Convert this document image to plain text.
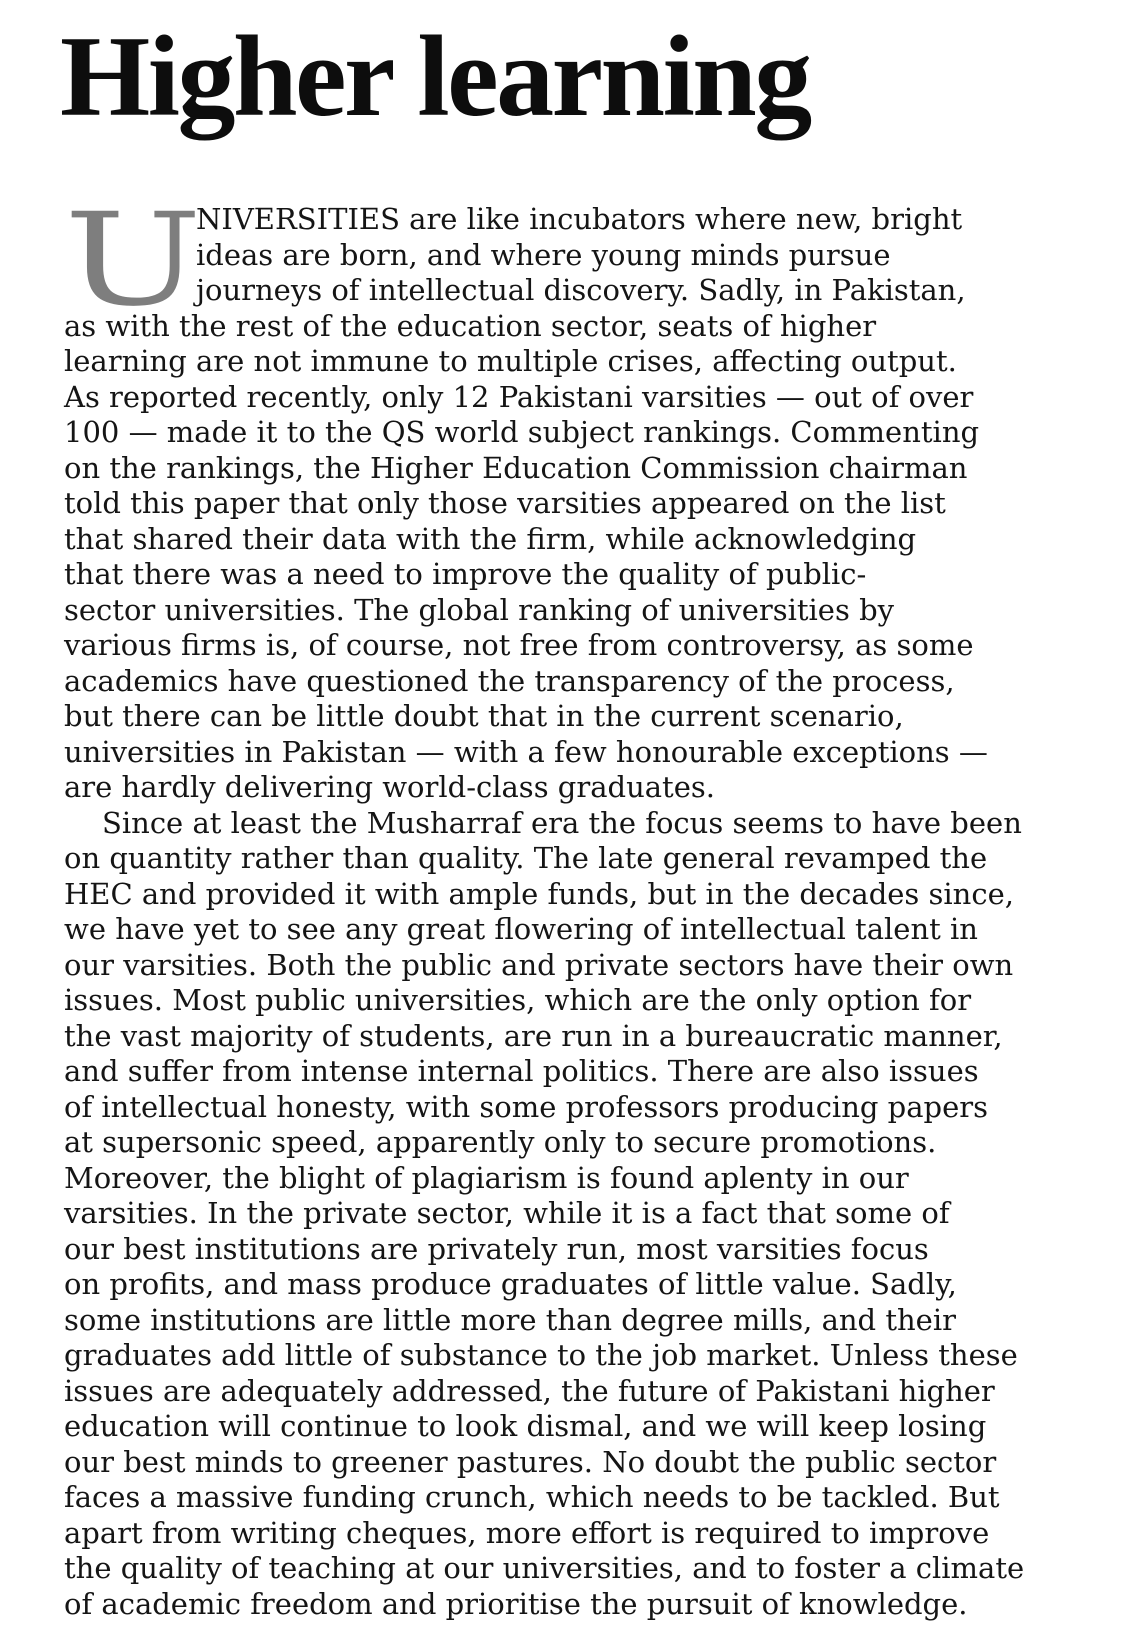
Higher learning
U
NIVERSITIES are like incubators where new, bright
ideas are born, and where young minds pursue
journeys of intellectual discovery. Sadly, in Pakistan,
as with the rest of the education sector, seats of higher
learning are not immune to multiple crises, affecting output.
As reported recently, only 12 Pakistani varsities — out of over
100 — made it to the QS world subject rankings. Commenting
on the rankings, the Higher Education Commission chairman
told this paper that only those varsities appeared on the list
that shared their data with the firm, while acknowledging
that there was a need to improve the quality of public-
sector universities. The global ranking of universities by
various firms is, of course, not free from controversy, as some
academics have questioned the transparency of the process,
but there can be little doubt that in the current scenario,
universities in Pakistan — with a few honourable exceptions —
are hardly delivering world-class graduates.
Since at least the Musharraf era the focus seems to have been
on quantity rather than quality. The late general revamped the
HEC and provided it with ample funds, but in the decades since,
we have yet to see any great flowering of intellectual talent in
our varsities. Both the public and private sectors have their own
issues. Most public universities, which are the only option for
the vast majority of students, are run in a bureaucratic manner,
and suffer from intense internal politics. There are also issues
of intellectual honesty, with some professors producing papers
at supersonic speed, apparently only to secure promotions.
Moreover, the blight of plagiarism is found aplenty in our
varsities. In the private sector, while it is a fact that some of
our best institutions are privately run, most varsities focus
on profits, and mass produce graduates of little value. Sadly,
some institutions are little more than degree mills, and their
graduates add little of substance to the job market. Unless these
issues are adequately addressed, the future of Pakistani higher
education will continue to look dismal, and we will keep losing
our best minds to greener pastures. No doubt the public sector
faces a massive funding crunch, which needs to be tackled. But
apart from writing cheques, more effort is required to improve
the quality of teaching at our universities, and to foster a climate
of academic freedom and prioritise the pursuit of knowledge.
